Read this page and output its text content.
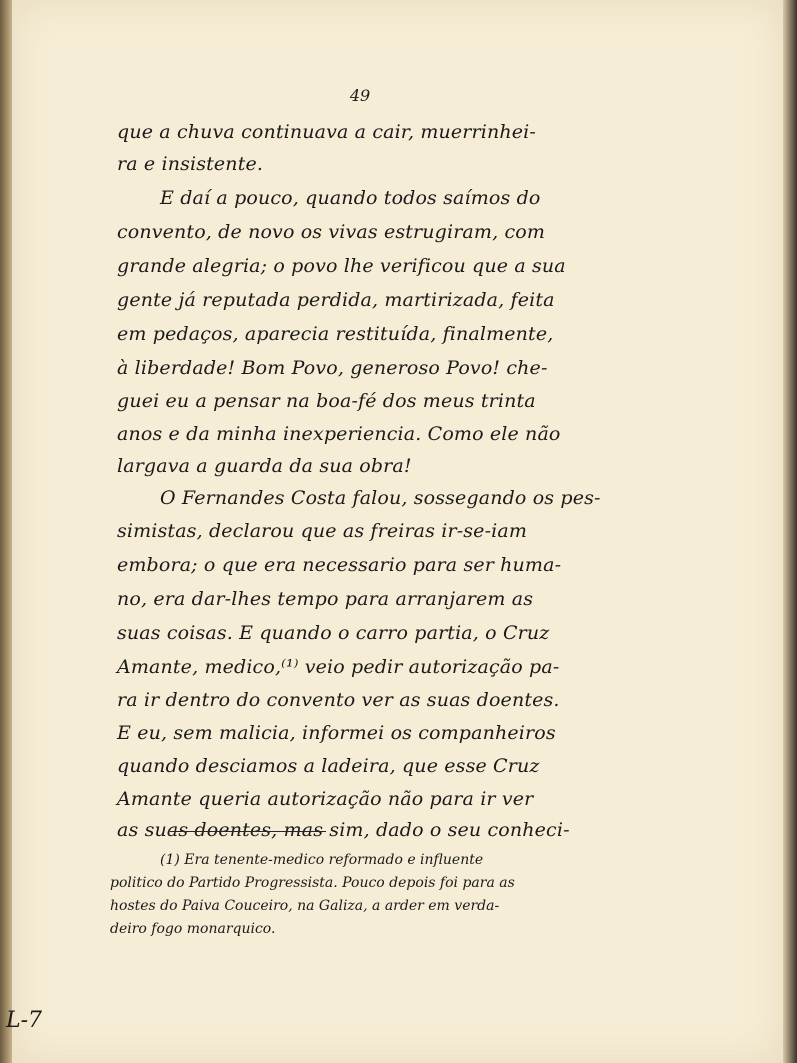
49
que a chuva continuava a cair, muerrinhei-
ra e insistente.
E daí a pouco, quando todos saímos do
convento, de novo os vivas estrugiram, com
grande alegria; o povo lhe verificou que a sua
gente já reputada perdida, martirizada, feita
em pedaços, aparecia restituída, finalmente,
à liberdade! Bom Povo, generoso Povo! che-
guei eu a pensar na boa-fé dos meus trinta
anos e da minha inexperiencia. Como ele não
largava a guarda da sua obra!
O Fernandes Costa falou, sossegando os pes-
simistas, declarou que as freiras ir-se-iam
embora; o que era necessario para ser huma-
no, era dar-lhes tempo para arranjarem as
suas coisas. E quando o carro partia, o Cruz
Amante, medico,⁽¹⁾ veio pedir autorização pa-
ra ir dentro do convento ver as suas doentes.
E eu, sem malicia, informei os companheiros
quando desciamos a ladeira, que esse Cruz
Amante queria autorização não para ir ver
as suas doentes, mas sim, dado o seu conheci-
(1) Era tenente-medico reformado e influente
politico do Partido Progressista. Pouco depois foi para as
hostes do Paiva Couceiro, na Galiza, a arder em verda-
deiro fogo monarquico.
L-7
